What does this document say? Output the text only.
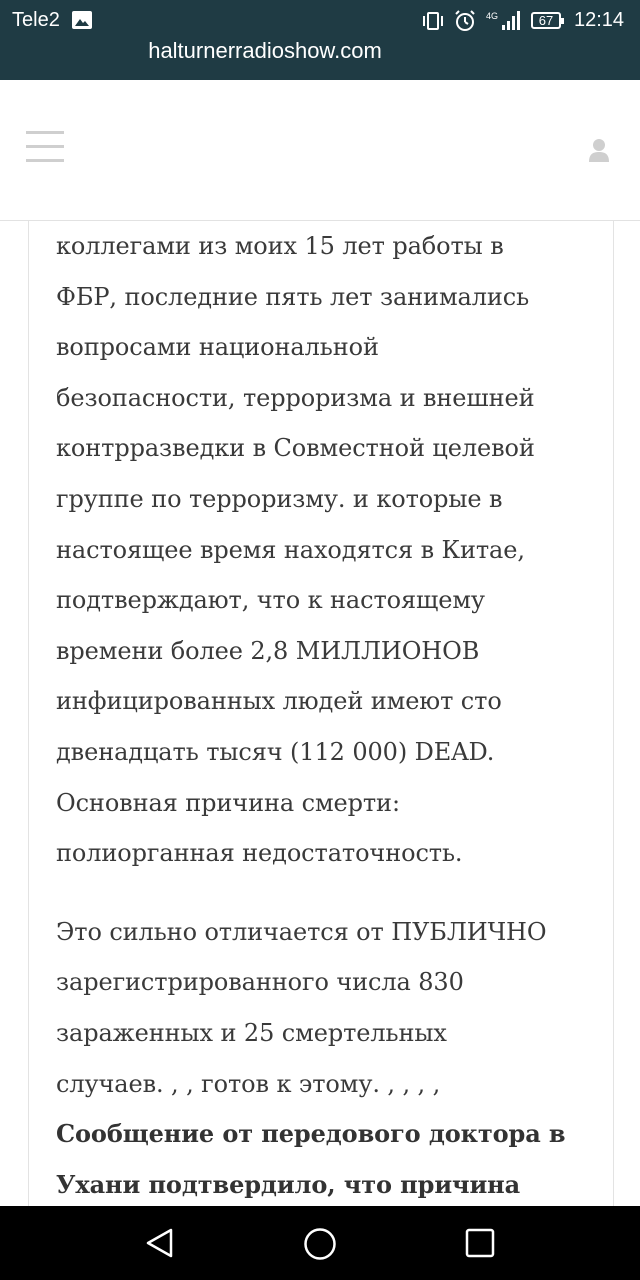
Tele2	4G	67	12:14
halturnerradioshow.com

коллегами из моих 15 лет работы в
ФБР, последние пять лет занимались
вопросами национальной
безопасности, терроризма и внешней
контрразведки в Совместной целевой
группе по терроризму. и которые в
настоящее время находятся в Китае,
подтверждают, что к настоящему
времени более 2,8 МИЛЛИОНОВ
инфицированных людей имеют сто
двенадцать тысяч (112 000) DEAD.
Основная причина смерти:
полиорганная недостаточность.

Это сильно отличается от ПУБЛИЧНО
зарегистрированного числа 830
зараженных и 25 смертельных
случаев. , , готов к этому. , , , ,
Сообщение от передового доктора в
Ухани подтвердило, что причина
